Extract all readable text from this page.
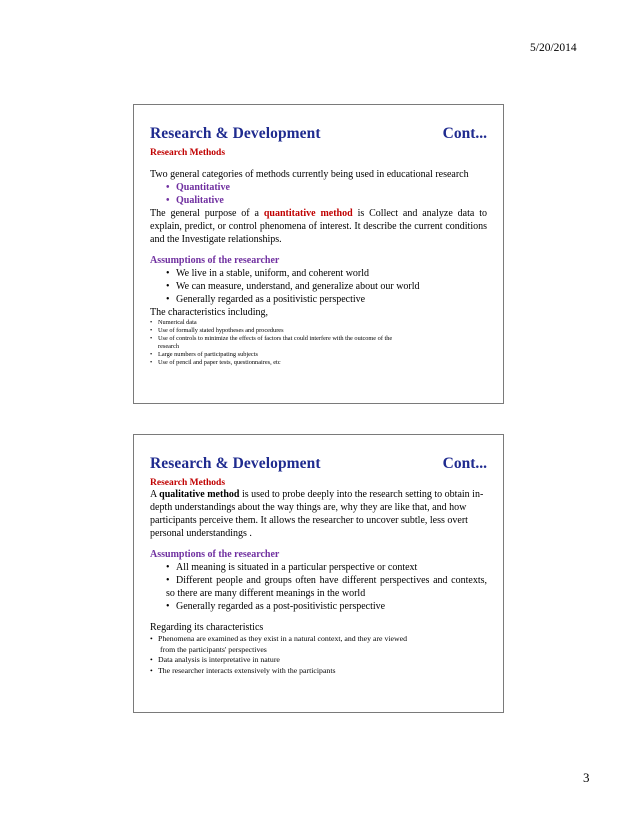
5/20/2014
Research & Development	Cont...
Research Methods
Two general categories of methods currently being used in educational research
• Quantitative
• Qualitative
The general purpose of a quantitative method is Collect and analyze data to explain, predict, or control phenomena of interest. It describe the current conditions and the Investigate relationships.
Assumptions of the researcher
• We live in a stable, uniform, and coherent world
• We can measure, understand, and generalize about our world
• Generally regarded as a positivistic perspective
The characteristics including,
• Numerical data
• Use of formally stated hypotheses and procedures
• Use of controls to minimize the effects of factors that could interfere with the outcome of the
research
• Large numbers of participating subjects
• Use of pencil and paper tests, questionnaires, etc
Research & Development	Cont...
Research Methods
A qualitative method is used to probe deeply into the research setting to obtain in-depth understandings about the way things are, why they are like that, and how participants perceive them. It allows the researcher to uncover subtle, less overt personal understandings .
Assumptions of the researcher
• All meaning is situated in a particular perspective or context
• Different people and groups often have different perspectives and contexts, so there are many different meanings in the world
• Generally regarded as a post-positivistic perspective
Regarding its characteristics
• Phenomena are examined as they exist in a natural context, and they are viewed
from the participants' perspectives
• Data analysis is interpretative in nature
• The researcher interacts extensively with the participants
3
